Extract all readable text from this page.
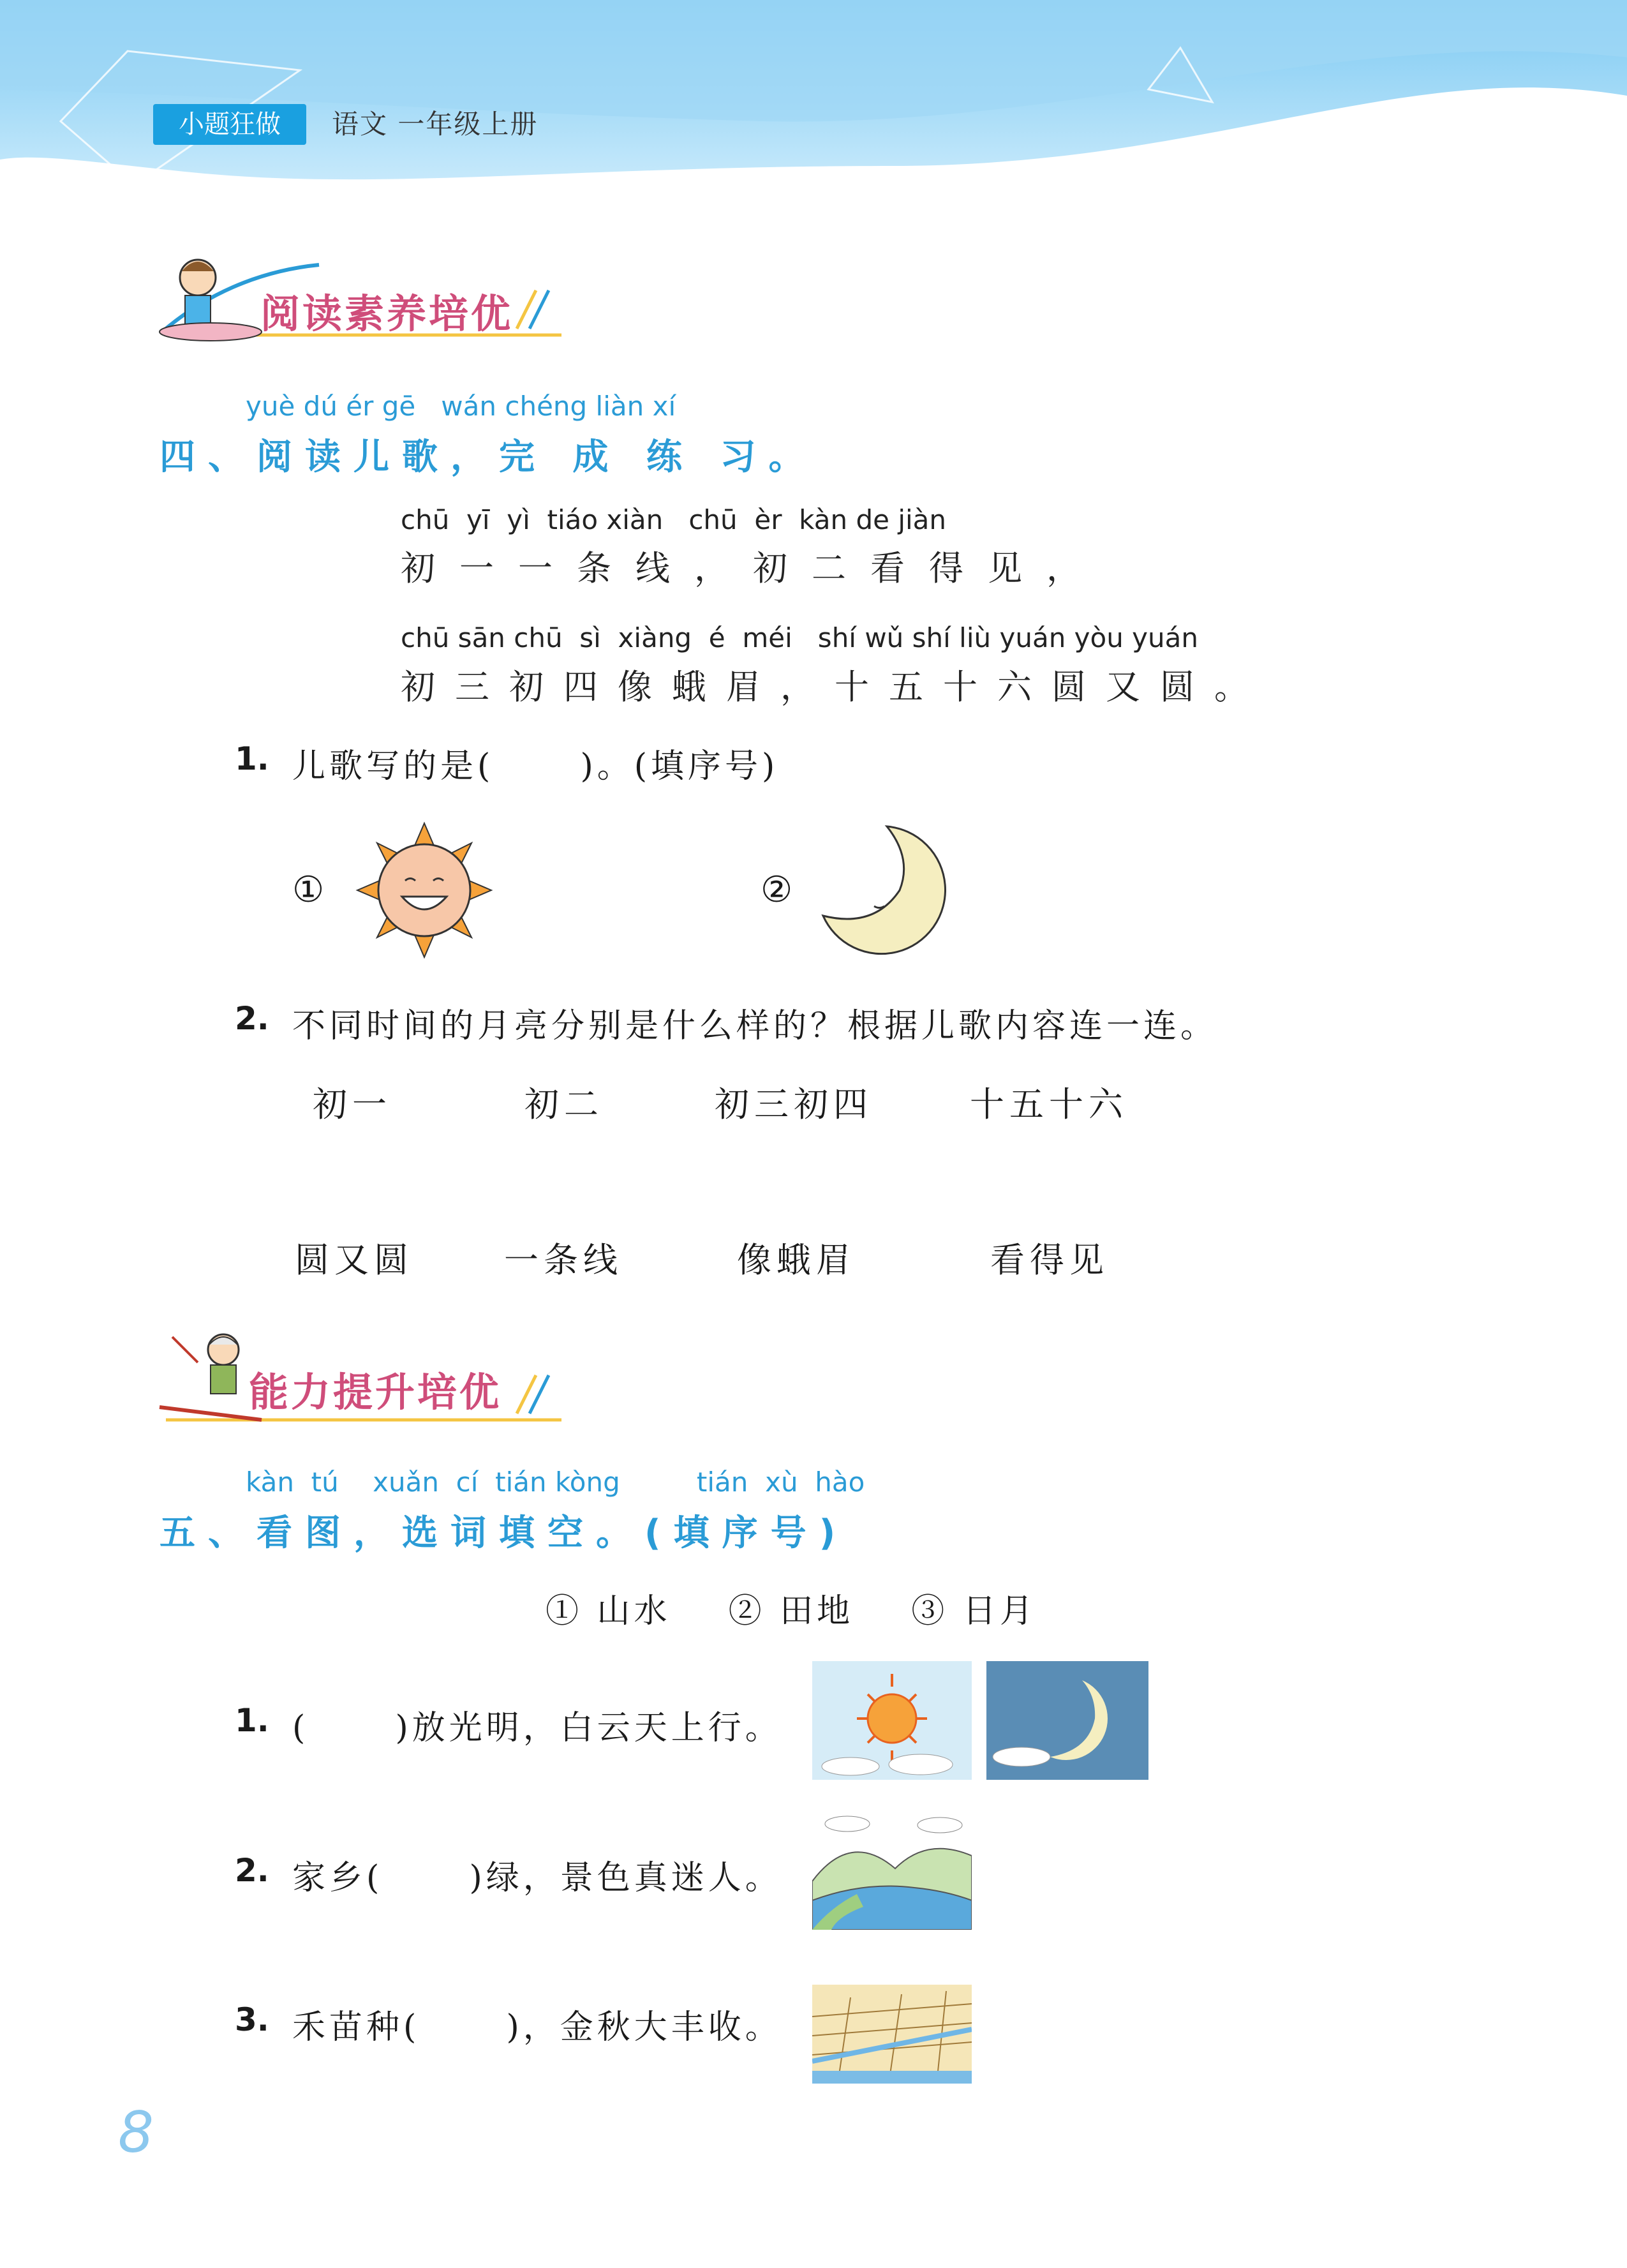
小题狂做	语文 一年级上册
阅读素养培优
yuè dú ér gē   wán chéng liàn xí
四、阅读儿歌，完 成 练 习。
chū  yī  yì  tiáo xiàn   chū  èr  kàn de jiàn
初一一条线，初二看得见，
chū sān chū  sì  xiàng  é  méi   shí wǔ shí liù yuán yòu yuán
初三初四像蛾眉，十五十六圆又圆。
1. 儿歌写的是(      )。(填序号)
①	②
2. 不同时间的月亮分别是什么样的？根据儿歌内容连一连。
初一	初二	初三初四	十五十六
圆又圆	一条线	像蛾眉	看得见
能力提升培优
kàn  tú    xuǎn  cí  tián kòng         tián  xù  hào
五、看图，选词填空。(填序号)
① 山水    ② 田地    ③ 日月
1. (      )放光明，白云天上行。
2. 家乡(      )绿，景色真迷人。
3. 禾苗种(      )，金秋大丰收。
8
